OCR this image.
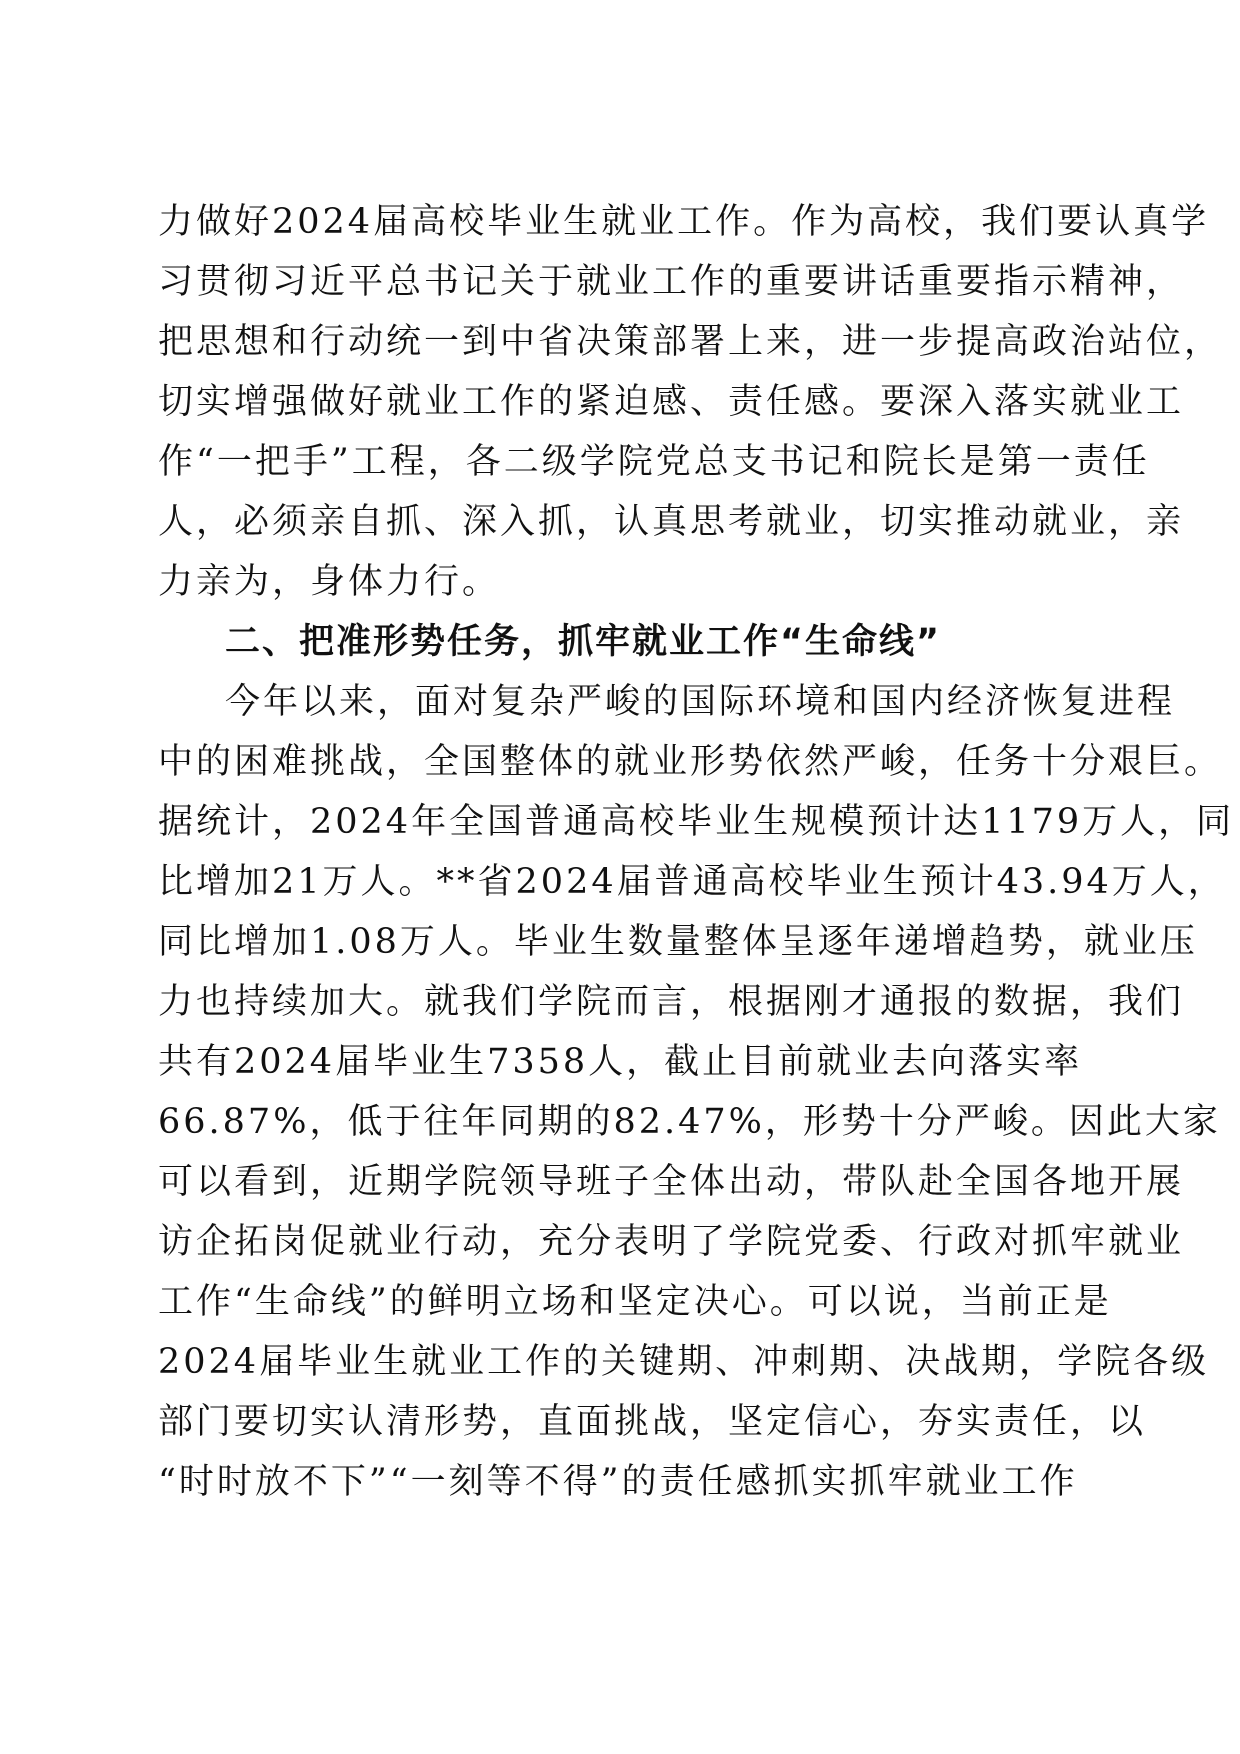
力做好2024届高校毕业生就业工作。作为高校，我们要认真学
习贯彻习近平总书记关于就业工作的重要讲话重要指示精神，
把思想和行动统一到中省决策部署上来，进一步提高政治站位，
切实增强做好就业工作的紧迫感、责任感。要深入落实就业工
作“一把手”工程，各二级学院党总支书记和院长是第一责任
人，必须亲自抓、深入抓，认真思考就业，切实推动就业，亲
力亲为，身体力行。
二、把准形势任务，抓牢就业工作“生命线”
今年以来，面对复杂严峻的国际环境和国内经济恢复进程
中的困难挑战，全国整体的就业形势依然严峻，任务十分艰巨。
据统计，2024年全国普通高校毕业生规模预计达1179万人，同
比增加21万人。**省2024届普通高校毕业生预计43.94万人，
同比增加1.08万人。毕业生数量整体呈逐年递增趋势，就业压
力也持续加大。就我们学院而言，根据刚才通报的数据，我们
共有2024届毕业生7358人，截止目前就业去向落实率
66.87%，低于往年同期的82.47%，形势十分严峻。因此大家
可以看到，近期学院领导班子全体出动，带队赴全国各地开展
访企拓岗促就业行动，充分表明了学院党委、行政对抓牢就业
工作“生命线”的鲜明立场和坚定决心。可以说，当前正是
2024届毕业生就业工作的关键期、冲刺期、决战期，学院各级
部门要切实认清形势，直面挑战，坚定信心，夯实责任，以
“时时放不下”“一刻等不得”的责任感抓实抓牢就业工作
